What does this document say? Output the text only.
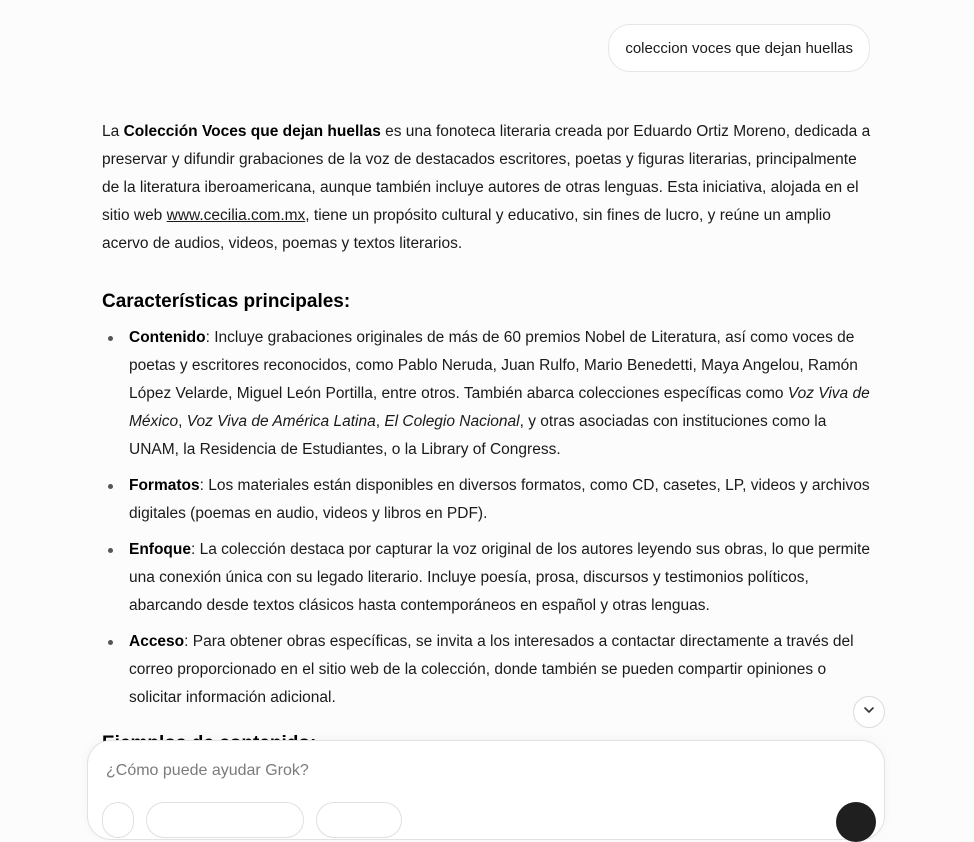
coleccion voces que dejan huellas

La Colección Voces que dejan huellas es una fonoteca literaria creada por Eduardo Ortiz Moreno, dedicada a preservar y difundir grabaciones de la voz de destacados escritores, poetas y figuras literarias, principalmente de la literatura iberoamericana, aunque también incluye autores de otras lenguas. Esta iniciativa, alojada en el sitio web www.cecilia.com.mx, tiene un propósito cultural y educativo, sin fines de lucro, y reúne un amplio acervo de audios, videos, poemas y textos literarios.

Características principales:
Contenido: Incluye grabaciones originales de más de 60 premios Nobel de Literatura, así como voces de poetas y escritores reconocidos, como Pablo Neruda, Juan Rulfo, Mario Benedetti, Maya Angelou, Ramón López Velarde, Miguel León Portilla, entre otros. También abarca colecciones específicas como Voz Viva de México, Voz Viva de América Latina, El Colegio Nacional, y otras asociadas con instituciones como la UNAM, la Residencia de Estudiantes, o la Library of Congress.
Formatos: Los materiales están disponibles en diversos formatos, como CD, casetes, LP, videos y archivos digitales (poemas en audio, videos y libros en PDF).
Enfoque: La colección destaca por capturar la voz original de los autores leyendo sus obras, lo que permite una conexión única con su legado literario. Incluye poesía, prosa, discursos y testimonios políticos, abarcando desde textos clásicos hasta contemporáneos en español y otras lenguas.
Acceso: Para obtener obras específicas, se invita a los interesados a contactar directamente a través del correo proporcionado en el sitio web de la colección, donde también se pueden compartir opiniones o solicitar información adicional.
¿Cómo puede ayudar Grok?
